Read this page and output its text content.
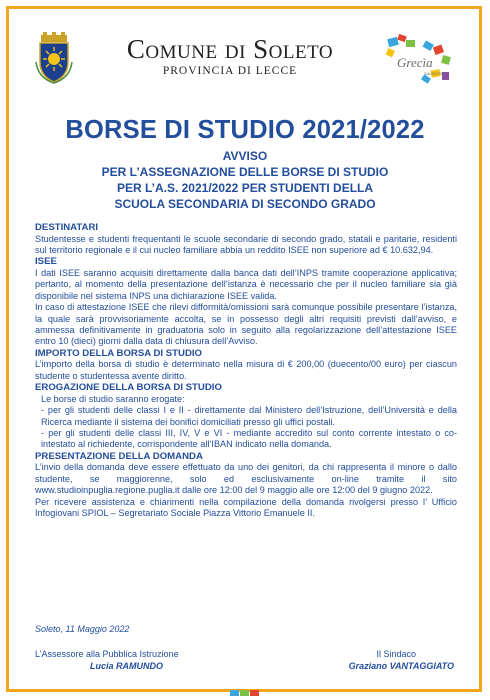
Comune di Soleto
PROVINCIA DI LECCE
Grecìa
SALENTINA
BORSE DI STUDIO 2021/2022
AVVISO
PER L’ASSEGNAZIONE DELLE BORSE DI STUDIO
PER L’A.S. 2021/2022 PER STUDENTI DELLA
SCUOLA SECONDARIA DI SECONDO GRADO
DESTINATARI

Studentesse e studenti frequentanti le scuole secondarie di secondo grado, statali e paritarie, residenti sul territorio regionale e il cui nucleo familiare abbia un reddito ISEE non superiore ad € 10.632,94.

ISEE

I dati ISEE saranno acquisiti direttamente dalla banca dati dell’INPS tramite cooperazione applicativa; pertanto, al momento della presentazione dell’istanza è necessario che per il nucleo familiare sia già disponibile nel sistema INPS una dichiarazione ISEE valida.

In caso di attestazione ISEE che rilevi difformità/omissioni sarà comunque possibile presentare l’istanza, la quale sarà provvisoriamente accolta, se in possesso degli altri requisiti previsti dall’avviso, e ammessa definitivamente in graduatoria solo in seguito alla regolarizzazione dell’attestazione ISEE entro 10 (dieci) giorni dalla data di chiusura dell’Avviso.

IMPORTO DELLA BORSA DI STUDIO

L’importo della borsa di studio è determinato nella misura di € 200,00 (duecento/00 euro) per ciascun studente o studentessa avente diritto.

EROGAZIONE DELLA BORSA DI STUDIO

Le borse di studio saranno erogate:

- per gli studenti delle classi I e II - direttamente dal Ministero dell’Istruzione, dell’Università e della Ricerca mediante il sistema dei bonifici domiciliati presso gli uffici postali.

- per gli studenti delle classi III, IV, V e VI - mediante accredito sul conto corrente intestato o co-intestato al richiedente, corrispondente all’IBAN indicato nella domanda.

PRESENTAZIONE DELLA DOMANDA

L’invio della domanda deve essere effettuato da uno dei genitori, da chi rappresenta il minore o dallo studente, se maggiorenne, solo ed esclusivamente on-line tramite il sito www.studioinpuglia.regione.puglia.it dalle ore 12:00 del 9 maggio alle ore 12:00 del 9 giugno 2022.

Per ricevere assistenza e chiarimenti nella compilazione della domanda rivolgersi presso l’ Ufficio Infogiovani SPIOL – Segretariato Sociale Piazza Vittorio Emanuele II.

Soleto, 11 Maggio 2022
L’Assessore alla Pubblica Istruzione
Lucia RAMUNDO
Il Sindaco
Graziano VANTAGGIATO
